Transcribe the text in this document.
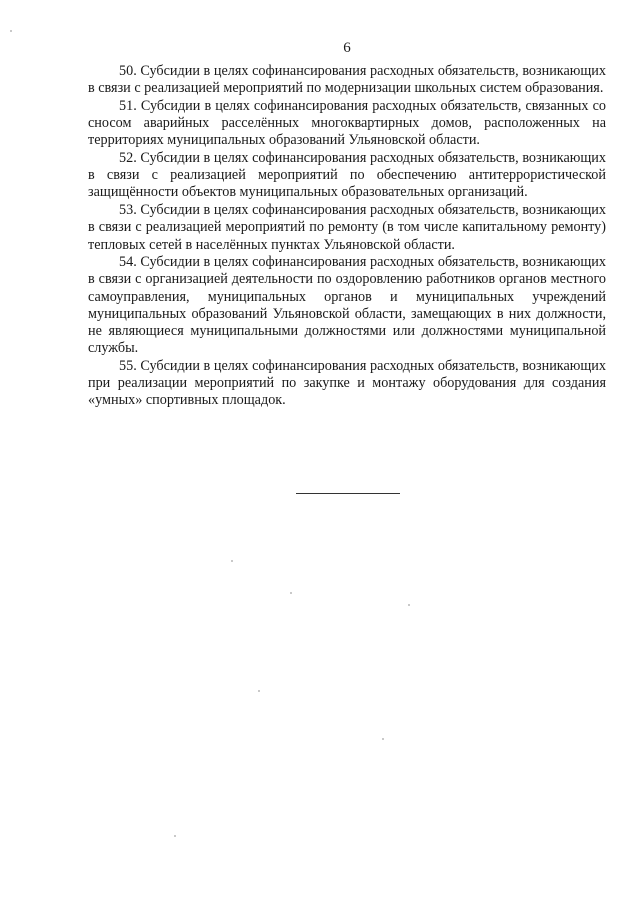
6

50. Субсидии в целях софинансирования расходных обязательств, возникающих в связи с реализацией мероприятий по модернизации школьных систем образования.

51. Субсидии в целях софинансирования расходных обязательств, связанных со сносом аварийных расселённых многоквартирных домов, расположенных на территориях муниципальных образований Ульяновской области.

52. Субсидии в целях софинансирования расходных обязательств, возникающих в связи с реализацией мероприятий по обеспечению антитеррористической защищённости объектов муниципальных образовательных организаций.

53. Субсидии в целях софинансирования расходных обязательств, возникающих в связи с реализацией мероприятий по ремонту (в том числе капитальному ремонту) тепловых сетей в населённых пунктах Ульяновской области.

54. Субсидии в целях софинансирования расходных обязательств, возникающих в связи с организацией деятельности по оздоровлению работников органов местного самоуправления, муниципальных органов и муниципальных учреждений муниципальных образований Ульяновской области, замещающих в них должности, не являющиеся муниципальными должностями или должностями муниципальной службы.

55. Субсидии в целях софинансирования расходных обязательств, возникающих при реализации мероприятий по закупке и монтажу оборудования для создания «умных» спортивных площадок.
